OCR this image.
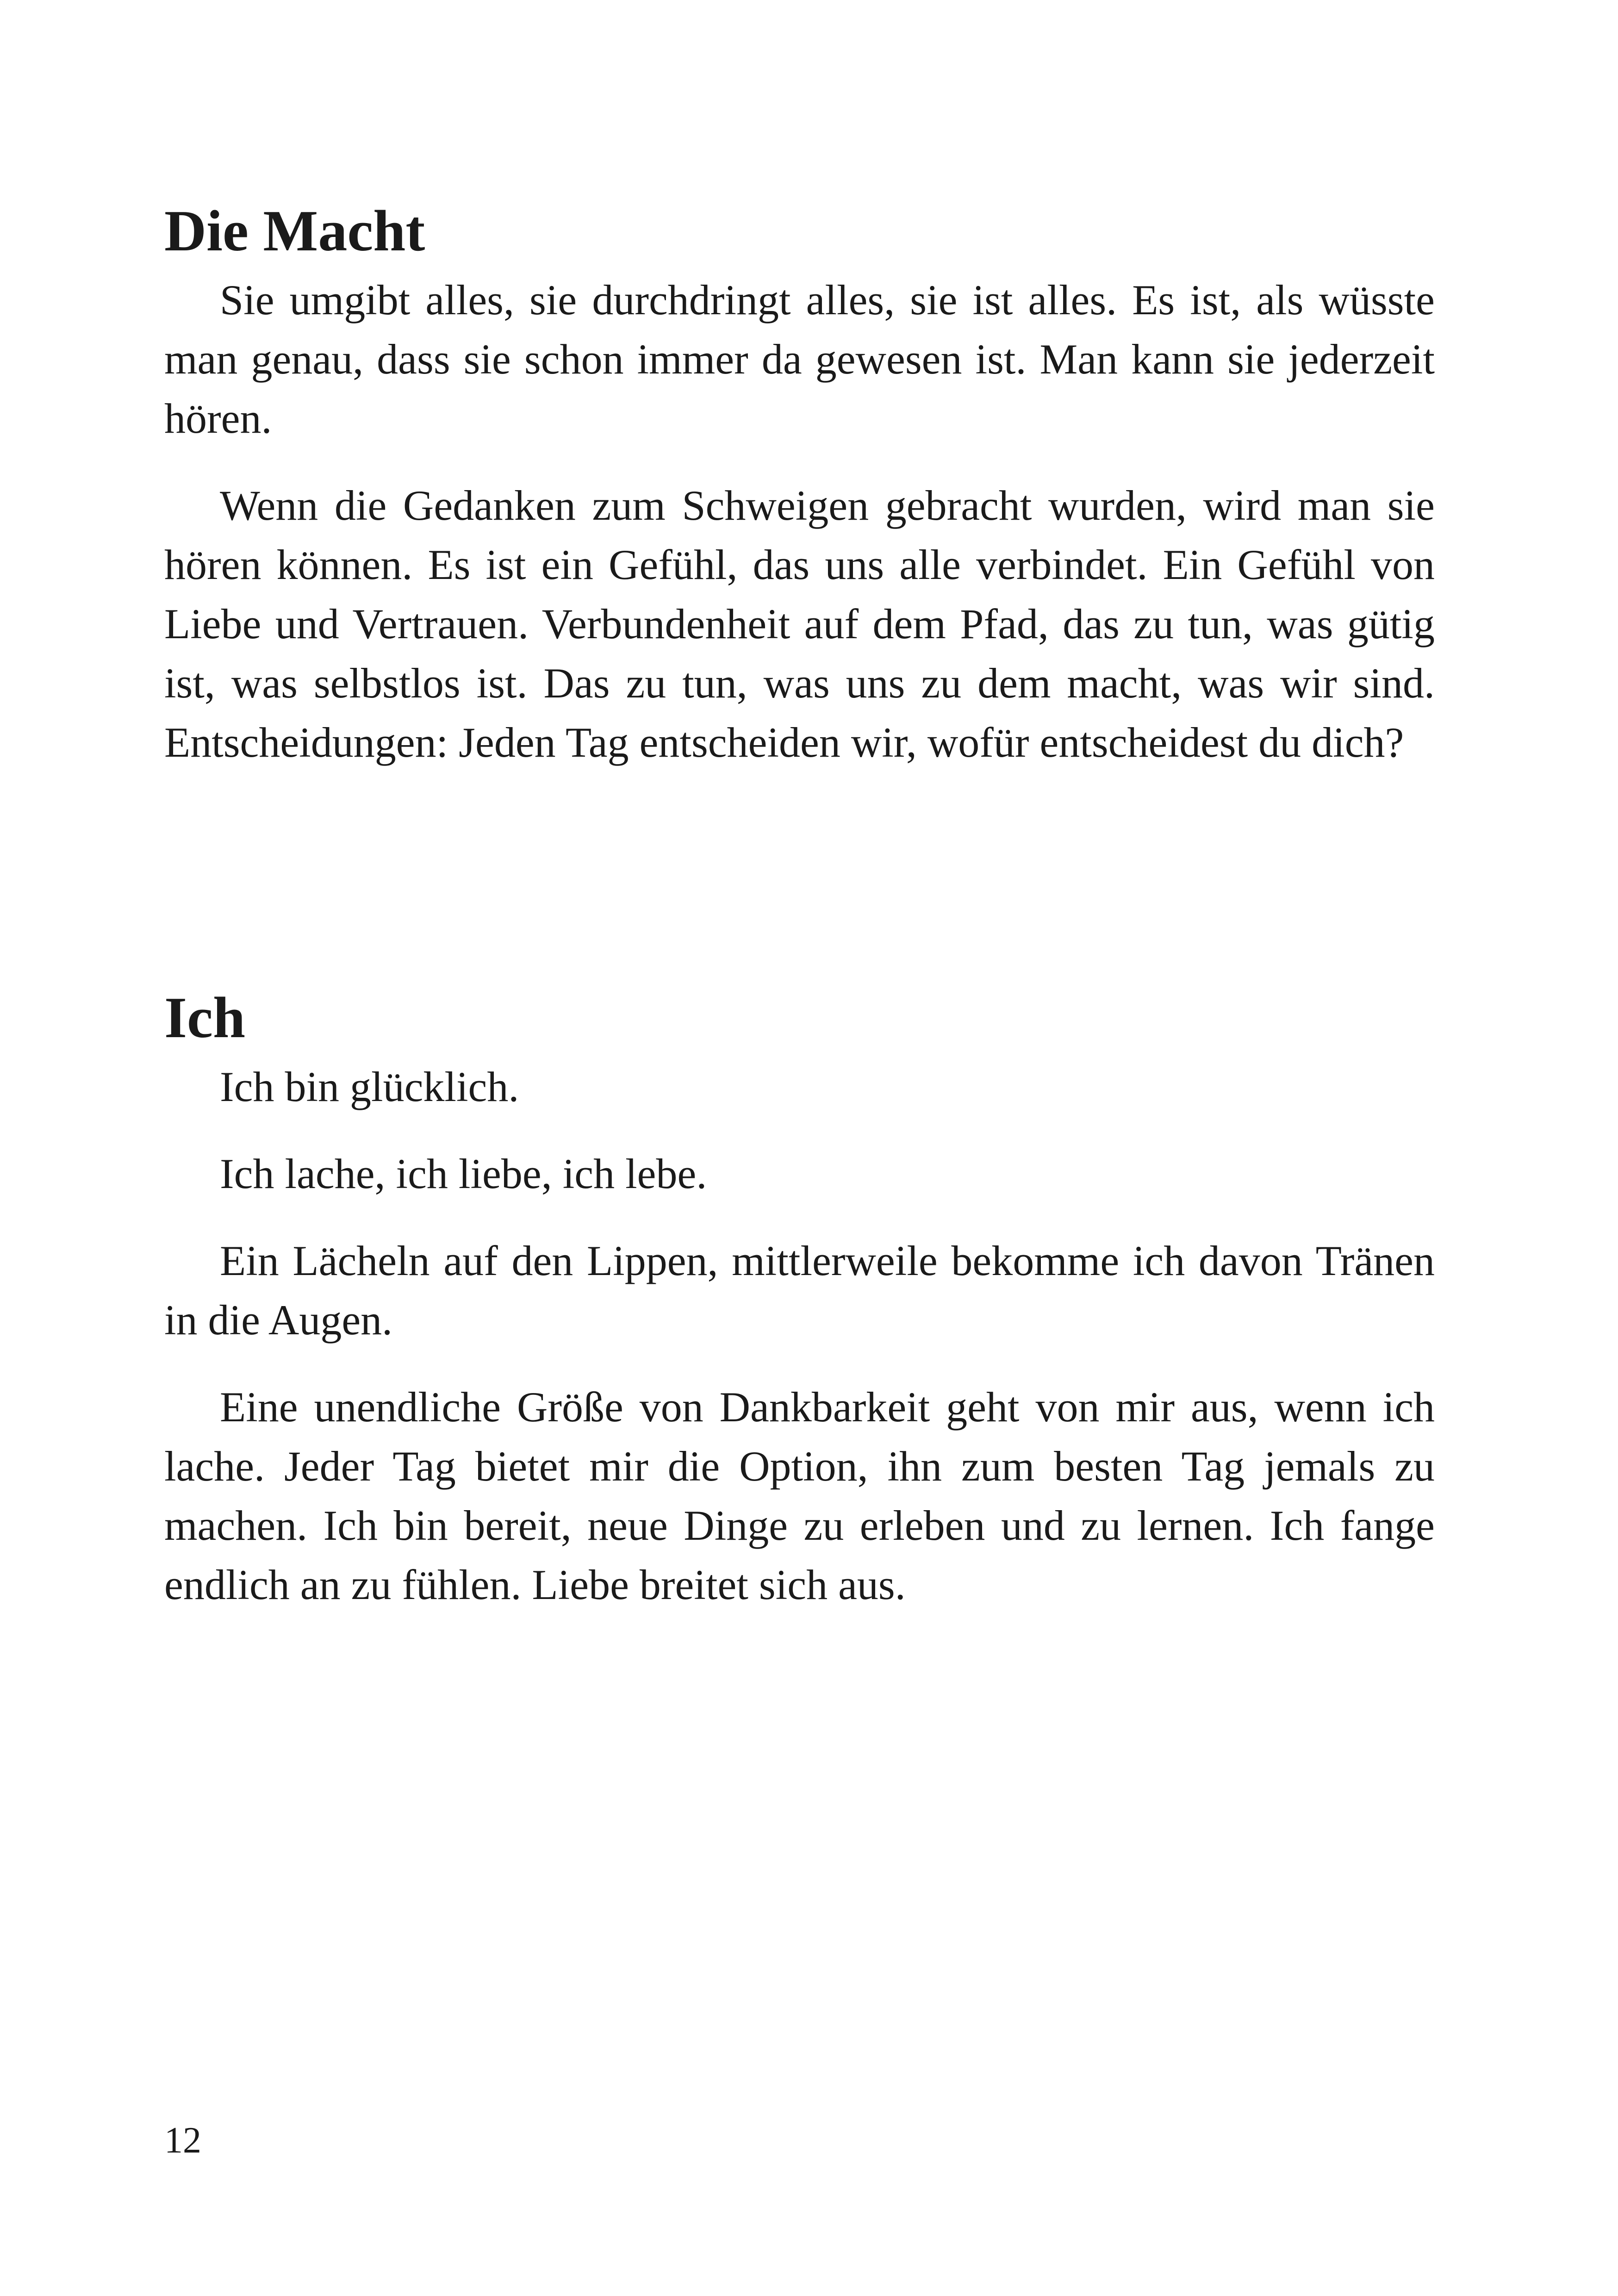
Die Macht

Sie umgibt alles, sie durchdringt alles, sie ist alles. Es ist, als wüsste man genau, dass sie schon immer da gewesen ist. Man kann sie jederzeit hören.

Wenn die Gedanken zum Schweigen gebracht wurden, wird man sie hören können. Es ist ein Gefühl, das uns alle verbindet. Ein Gefühl von Liebe und Vertrauen. Verbundenheit auf dem Pfad, das zu tun, was gütig ist, was selbstlos ist. Das zu tun, was uns zu dem macht, was wir sind. Entscheidungen: Jeden Tag entscheiden wir, wofür entscheidest du dich?

Ich

Ich bin glücklich.

Ich lache, ich liebe, ich lebe.

Ein Lächeln auf den Lippen, mittlerweile bekomme ich davon Tränen in die Augen.

Eine unendliche Größe von Dankbarkeit geht von mir aus, wenn ich lache. Jeder Tag bietet mir die Option, ihn zum besten Tag jemals zu machen. Ich bin bereit, neue Dinge zu erleben und zu lernen. Ich fange endlich an zu fühlen. Liebe breitet sich aus.

12
